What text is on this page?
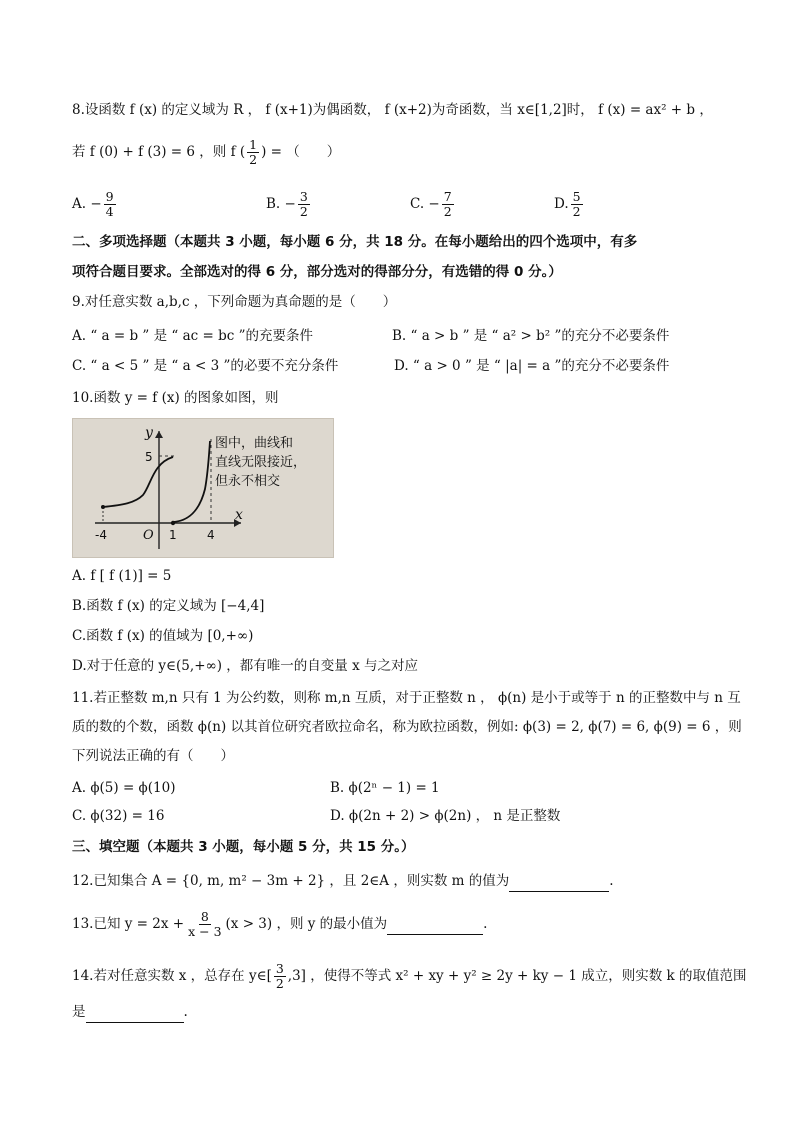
8.设函数 f (x) 的定义域为 R ， f (x+1)为偶函数， f (x+2)为奇函数，当 x∈[1,2]时， f (x) = ax² + b ，
若 f (0) + f (3) = 6 ，则 f ( $\frac{1}{2}$ ) = （　　）
A. − $\frac{9}{4}$	B. − $\frac{3}{2}$	C. − $\frac{7}{2}$	D. $\frac{5}{2}$
二、多项选择题（本题共 3 小题，每小题 6 分，共 18 分。在每小题给出的四个选项中，有多
项符合题目要求。全部选对的得 6 分，部分选对的得部分分，有选错的得 0 分。）
9.对任意实数 a,b,c ，下列命题为真命题的是（　　）
A. “ a = b ” 是 “ ac = bc ”的充要条件	B. “ a > b ” 是 “ a² > b² ”的充分不必要条件
C. “ a < 5 ” 是 “ a < 3 ”的必要不充分条件	D. “ a > 0 ” 是 “ |a| = a ”的充分不必要条件
10.函数 y = f (x) 的图象如图，则
y
x
O
-4	1	4
5
图中，曲线和
直线无限接近，
但永不相交
A. f [ f (1)] = 5
B.函数 f (x) 的定义域为 [−4,4]
C.函数 f (x) 的值域为 [0,+∞)
D.对于任意的 y∈(5,+∞) ，都有唯一的自变量 x 与之对应
11.若正整数 m,n 只有 1 为公约数，则称 m,n 互质，对于正整数 n ， ϕ(n) 是小于或等于 n 的正整数中与 n 互
质的数的个数，函数 ϕ(n) 以其首位研究者欧拉命名，称为欧拉函数，例如: ϕ(3) = 2, ϕ(7) = 6, ϕ(9) = 6 ，则
下列说法正确的有（　　）
A. ϕ(5) = ϕ(10)	B. ϕ(2ⁿ − 1) = 1
C. ϕ(32) = 16	D. ϕ(2n + 2) > ϕ(2n) ， n 是正整数
三、填空题（本题共 3 小题，每小题 5 分，共 15 分。）
12.已知集合 A = {0, m, m² − 3m + 2} ，且 2∈A ，则实数 m 的值为	.
13.已知 $y = 2x + \frac{8}{x - 3} (x > 3)$ ，则 y 的最小值为	.
14.若对任意实数 x ，总存在 y∈[ $\frac{3}{2} ,3$] ，使得不等式 x² + xy + y² ≥ 2y + ky − 1 成立，则实数 k 的取值范围
是	.
